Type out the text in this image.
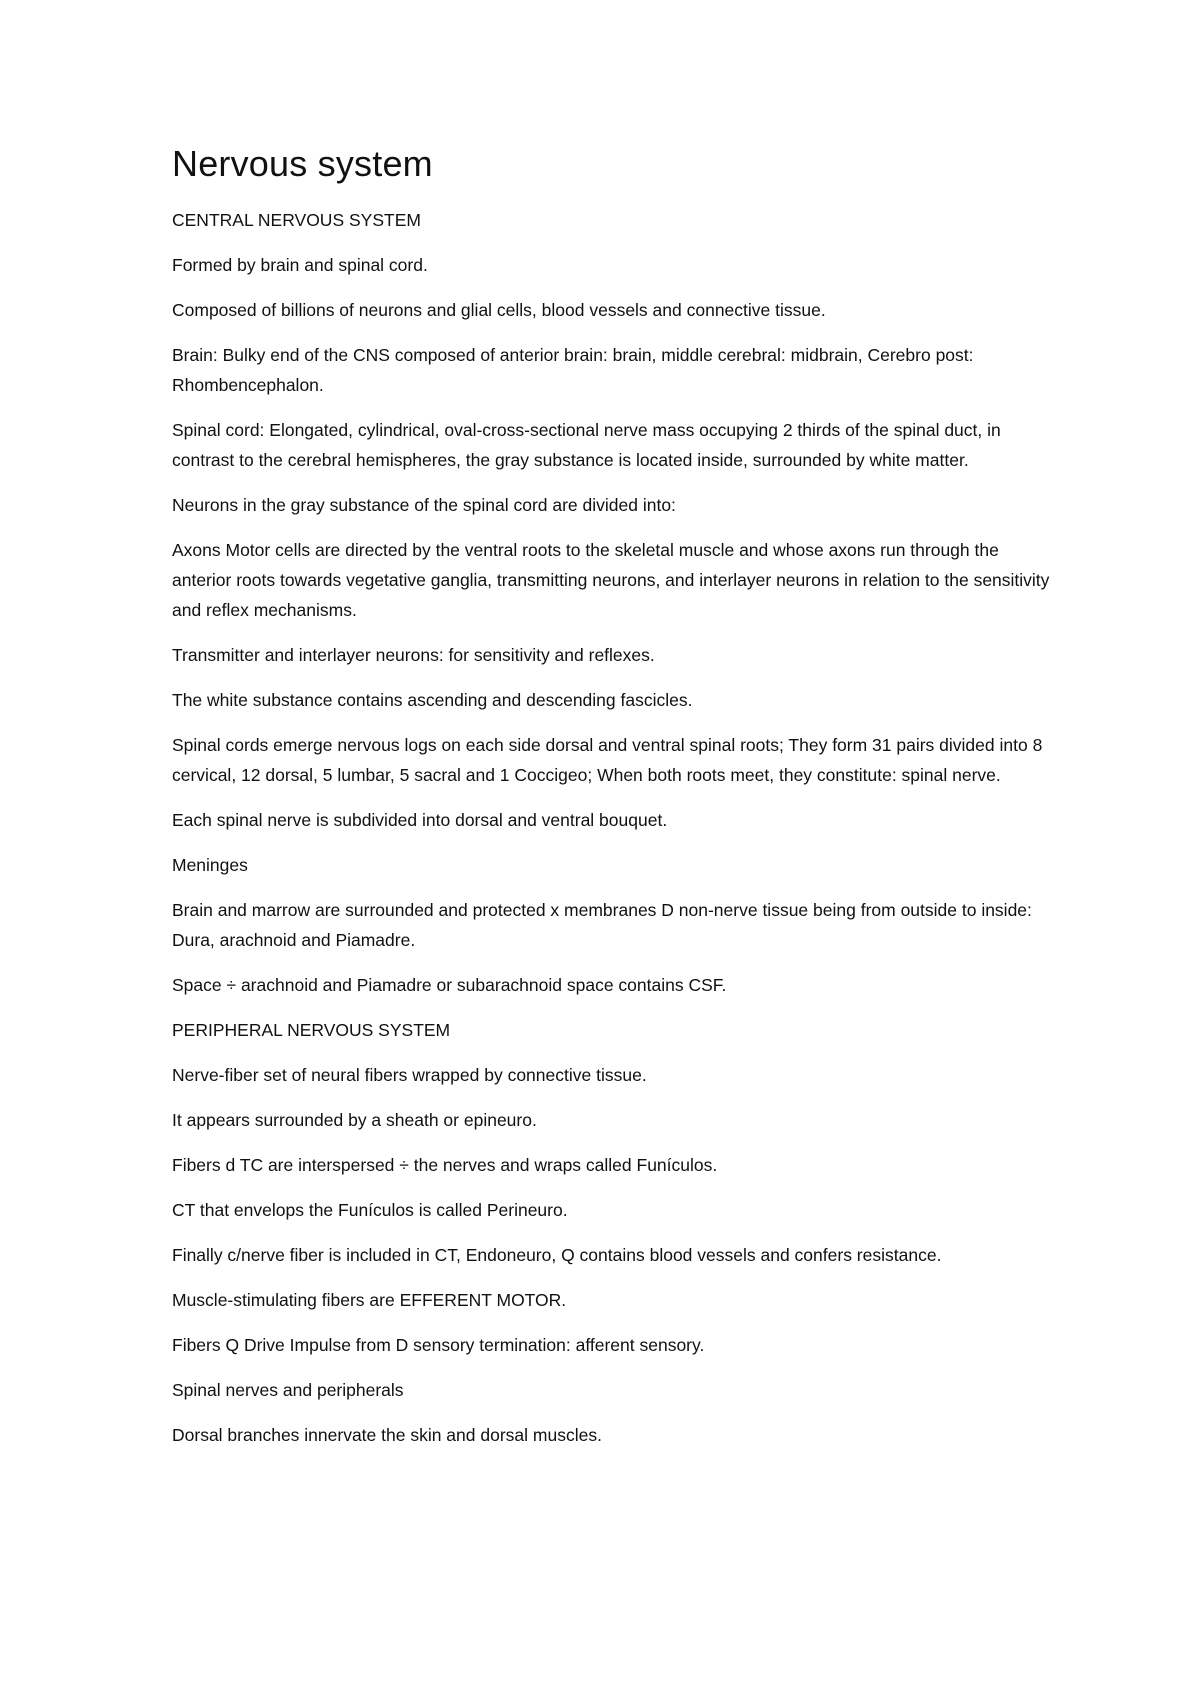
Nervous system

CENTRAL NERVOUS SYSTEM

Formed by brain and spinal cord.

Composed of billions of neurons and glial cells, blood vessels and connective tissue.

Brain: Bulky end of the CNS composed of anterior brain: brain, middle cerebral: midbrain, Cerebro post: Rhombencephalon.

Spinal cord: Elongated, cylindrical, oval-cross-sectional nerve mass occupying 2 thirds of the spinal duct, in contrast to the cerebral hemispheres, the gray substance is located inside, surrounded by white matter.

Neurons in the gray substance of the spinal cord are divided into:

Axons Motor cells are directed by the ventral roots to the skeletal muscle and whose axons run through the anterior roots towards vegetative ganglia, transmitting neurons, and interlayer neurons in relation to the sensitivity and reflex mechanisms.

Transmitter and interlayer neurons: for sensitivity and reflexes.

The white substance contains ascending and descending fascicles.

Spinal cords emerge nervous logs on each side dorsal and ventral spinal roots; They form 31 pairs divided into 8 cervical, 12 dorsal, 5 lumbar, 5 sacral and 1 Coccigeo; When both roots meet, they constitute: spinal nerve.

Each spinal nerve is subdivided into dorsal and ventral bouquet.

Meninges

Brain and marrow are surrounded and protected x membranes D non-nerve tissue being from outside to inside: Dura, arachnoid and Piamadre.

Space ÷ arachnoid and Piamadre or subarachnoid space contains CSF.

PERIPHERAL NERVOUS SYSTEM

Nerve-fiber set of neural fibers wrapped by connective tissue.

It appears surrounded by a sheath or epineuro.

Fibers d TC are interspersed ÷ the nerves and wraps called Funículos.

CT that envelops the Funículos is called Perineuro.

Finally c/nerve fiber is included in CT, Endoneuro, Q contains blood vessels and confers resistance.

Muscle-stimulating fibers are EFFERENT MOTOR.

Fibers Q Drive Impulse from D sensory termination: afferent sensory.

Spinal nerves and peripherals

Dorsal branches innervate the skin and dorsal muscles.
